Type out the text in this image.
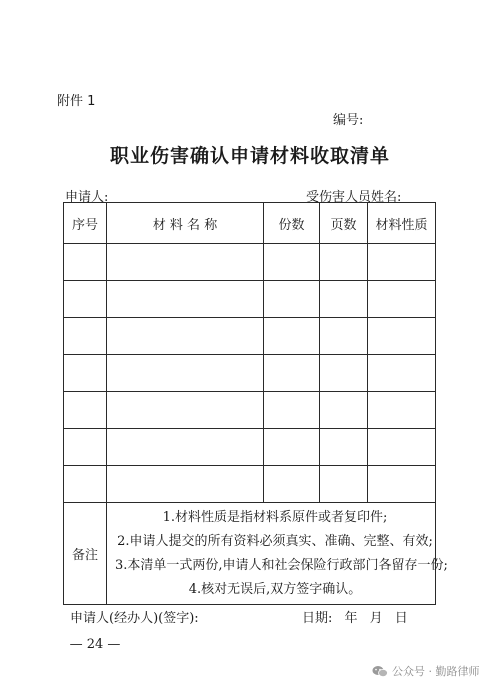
附件 1
编号:
职业伤害确认申请材料收取清单
申请人:	受伤害人员姓名:
序号	材 料 名 称	份数	页数	材料性质

备注	1.材料性质是指材料系原件或者复印件;
2.申请人提交的所有资料必须真实、准确、完整、有效;
3.本清单一式两份,申请人和社会保险行政部门各留存一份;
4.核对无误后,双方签字确认。			
申请人(经办人)(签字):	日期: 年 月 日
— 24 —
公众号 · 勤路律师
